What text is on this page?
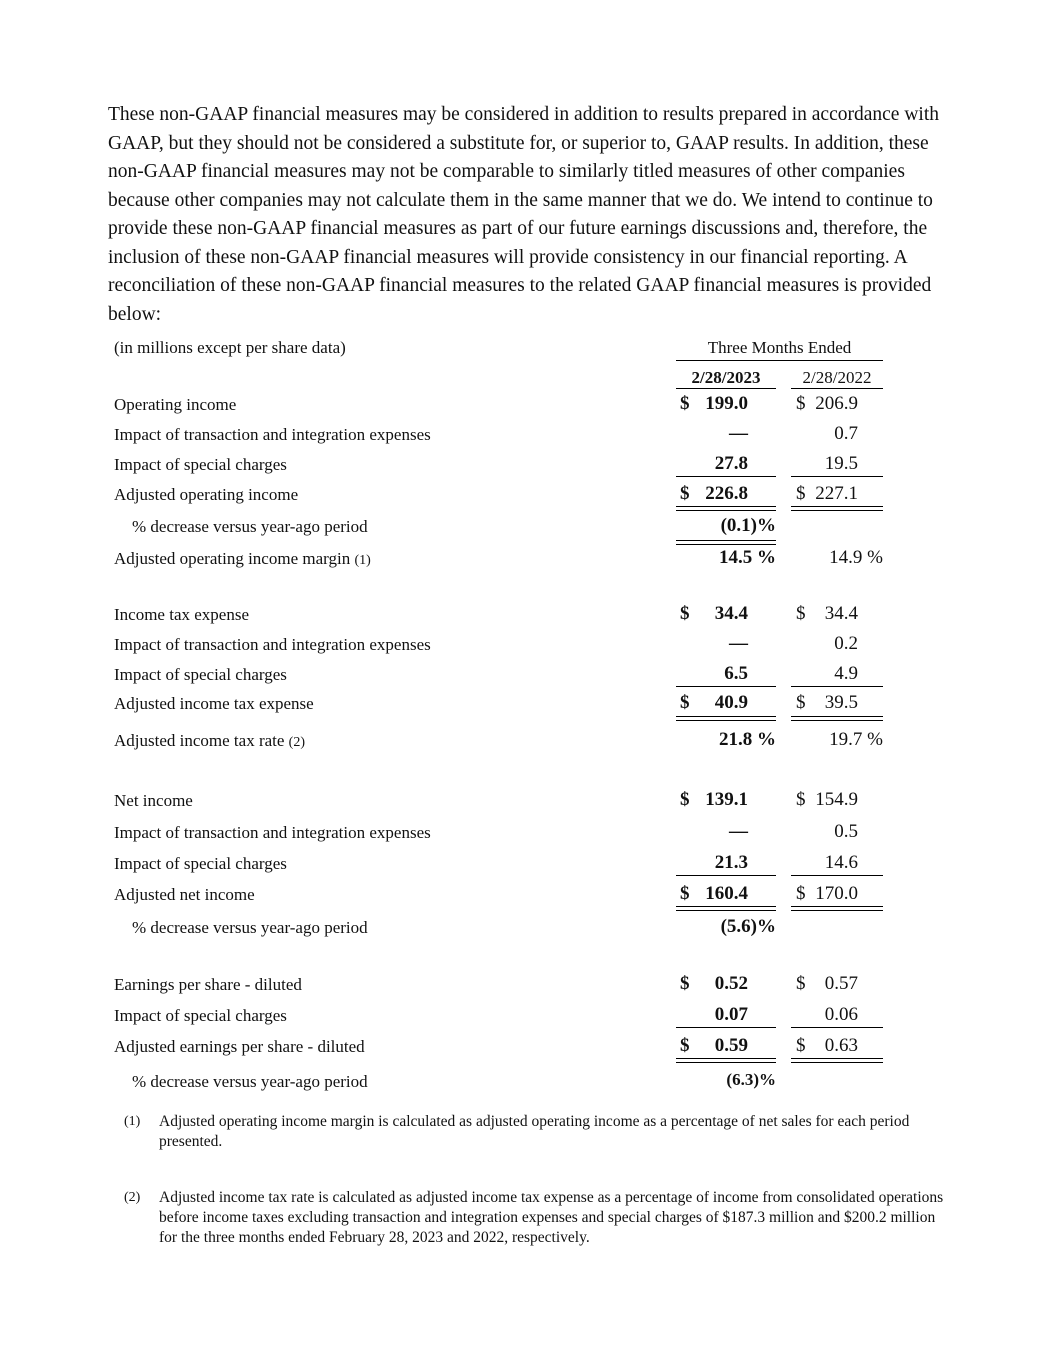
These non-GAAP financial measures may be considered in addition to results prepared in accordance with GAAP, but they should not be considered a substitute for, or superior to, GAAP results. In addition, these non-GAAP financial measures may not be comparable to similarly titled measures of other companies because other companies may not calculate them in the same manner that we do. We intend to continue to provide these non-GAAP financial measures as part of our future earnings discussions and, therefore, the inclusion of these non-GAAP financial measures will provide consistency in our financial reporting. A reconciliation of these non-GAAP financial measures to the related GAAP financial measures is provided below:

(in millions except per share data)	Three Months Ended
2/28/2023	2/28/2022
Operating income	$ 199.0	$ 206.9
Impact of transaction and integration expenses	—	0.7
Impact of special charges	27.8	19.5
Adjusted operating income	$ 226.8	$ 227.1
% decrease versus year-ago period	(0.1)%
Adjusted operating income margin (1)	14.5 %	14.9 %
Income tax expense	$ 34.4	$ 34.4
Impact of transaction and integration expenses	—	0.2
Impact of special charges	6.5	4.9
Adjusted income tax expense	$ 40.9	$ 39.5
Adjusted income tax rate (2)	21.8 %	19.7 %
Net income	$ 139.1	$ 154.9
Impact of transaction and integration expenses	—	0.5
Impact of special charges	21.3	14.6
Adjusted net income	$ 160.4	$ 170.0
% decrease versus year-ago period	(5.6)%
Earnings per share - diluted	$ 0.52	$ 0.57
Impact of special charges	0.07	0.06
Adjusted earnings per share - diluted	$ 0.59	$ 0.63
% decrease versus year-ago period	(6.3)%
(1) Adjusted operating income margin is calculated as adjusted operating income as a percentage of net sales for each period presented.
(2) Adjusted income tax rate is calculated as adjusted income tax expense as a percentage of income from consolidated operations before income taxes excluding transaction and integration expenses and special charges of $187.3 million and $200.2 million for the three months ended February 28, 2023 and 2022, respectively.
